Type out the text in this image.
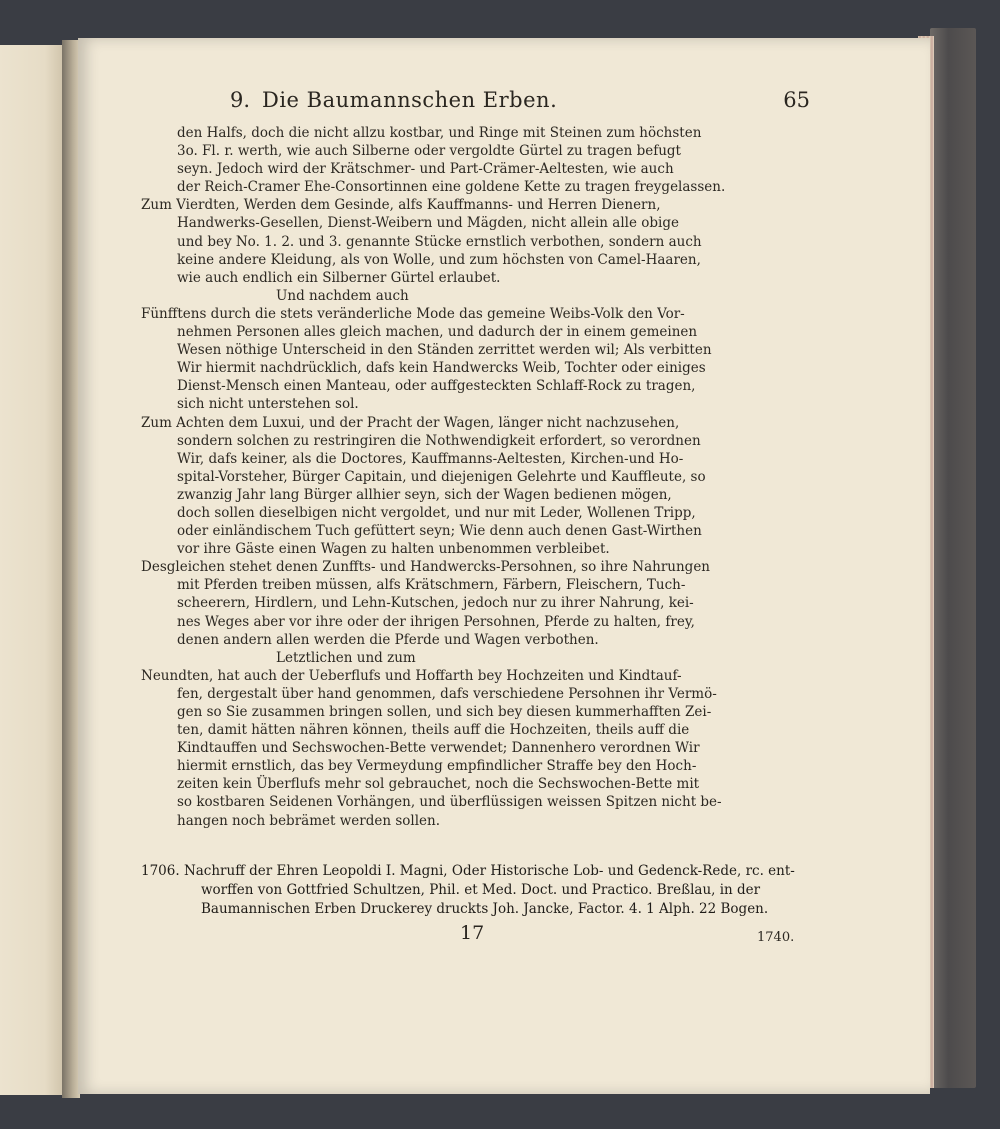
9. Die Baumannschen Erben.	65
den Halfs, doch die nicht allzu kostbar, und Ringe mit Steinen zum höchsten
3o. Fl. r. werth, wie auch Silberne oder vergoldte Gürtel zu tragen befugt
seyn. Jedoch wird der Krätschmer- und Part-Crämer-Aeltesten, wie auch
der Reich-Cramer Ehe-Consortinnen eine goldene Kette zu tragen freygelassen.
Zum Vierdten, Werden dem Gesinde, alfs Kauffmanns- und Herren Dienern,
Handwerks-Gesellen, Dienst-Weibern und Mägden, nicht allein alle obige
und bey No. 1. 2. und 3. genannte Stücke ernstlich verbothen, sondern auch
keine andere Kleidung, als von Wolle, und zum höchsten von Camel-Haaren,
wie auch endlich ein Silberner Gürtel erlaubet.
Und nachdem auch
Fünfftens durch die stets veränderliche Mode das gemeine Weibs-Volk den Vor-
nehmen Personen alles gleich machen, und dadurch der in einem gemeinen
Wesen nöthige Unterscheid in den Ständen zerrittet werden wil; Als verbitten
Wir hiermit nachdrücklich, dafs kein Handwercks Weib, Tochter oder einiges
Dienst-Mensch einen Manteau, oder auffgesteckten Schlaff-Rock zu tragen,
sich nicht unterstehen sol.
Zum Achten dem Luxui, und der Pracht der Wagen, länger nicht nachzusehen,
sondern solchen zu restringiren die Nothwendigkeit erfordert, so verordnen
Wir, dafs keiner, als die Doctores, Kauffmanns-Aeltesten, Kirchen-und Ho-
spital-Vorsteher, Bürger Capitain, und diejenigen Gelehrte und Kauffleute, so
zwanzig Jahr lang Bürger allhier seyn, sich der Wagen bedienen mögen,
doch sollen dieselbigen nicht vergoldet, und nur mit Leder, Wollenen Tripp,
oder einländischem Tuch gefüttert seyn; Wie denn auch denen Gast-Wirthen
vor ihre Gäste einen Wagen zu halten unbenommen verbleibet.
Desgleichen stehet denen Zunffts- und Handwercks-Persohnen, so ihre Nahrungen
mit Pferden treiben müssen, alfs Krätschmern, Färbern, Fleischern, Tuch-
scheerern, Hirdlern, und Lehn-Kutschen, jedoch nur zu ihrer Nahrung, kei-
nes Weges aber vor ihre oder der ihrigen Persohnen, Pferde zu halten, frey,
denen andern allen werden die Pferde und Wagen verbothen.
Letztlichen und zum
Neundten, hat auch der Ueberflufs und Hoffarth bey Hochzeiten und Kindtauf-
fen, dergestalt über hand genommen, dafs verschiedene Persohnen ihr Vermö-
gen so Sie zusammen bringen sollen, und sich bey diesen kummerhafften Zei-
ten, damit hätten nähren können, theils auff die Hochzeiten, theils auff die
Kindtauffen und Sechswochen-Bette verwendet; Dannenhero verordnen Wir
hiermit ernstlich, das bey Vermeydung empfindlicher Straffe bey den Hoch-
zeiten kein Überflufs mehr sol gebrauchet, noch die Sechswochen-Bette mit
so kostbaren Seidenen Vorhängen, und überflüssigen weissen Spitzen nicht be-
hangen noch bebrämet werden sollen.
1706. Nachruff der Ehren Leopoldi I. Magni, Oder Historische Lob- und Gedenck-Rede, rc. ent-
worffen von Gottfried Schultzen, Phil. et Med. Doct. und Practico. Breßlau, in der
Baumannischen Erben Druckerey druckts Joh. Jancke, Factor. 4. 1 Alph. 22 Bogen.
17	1740.
